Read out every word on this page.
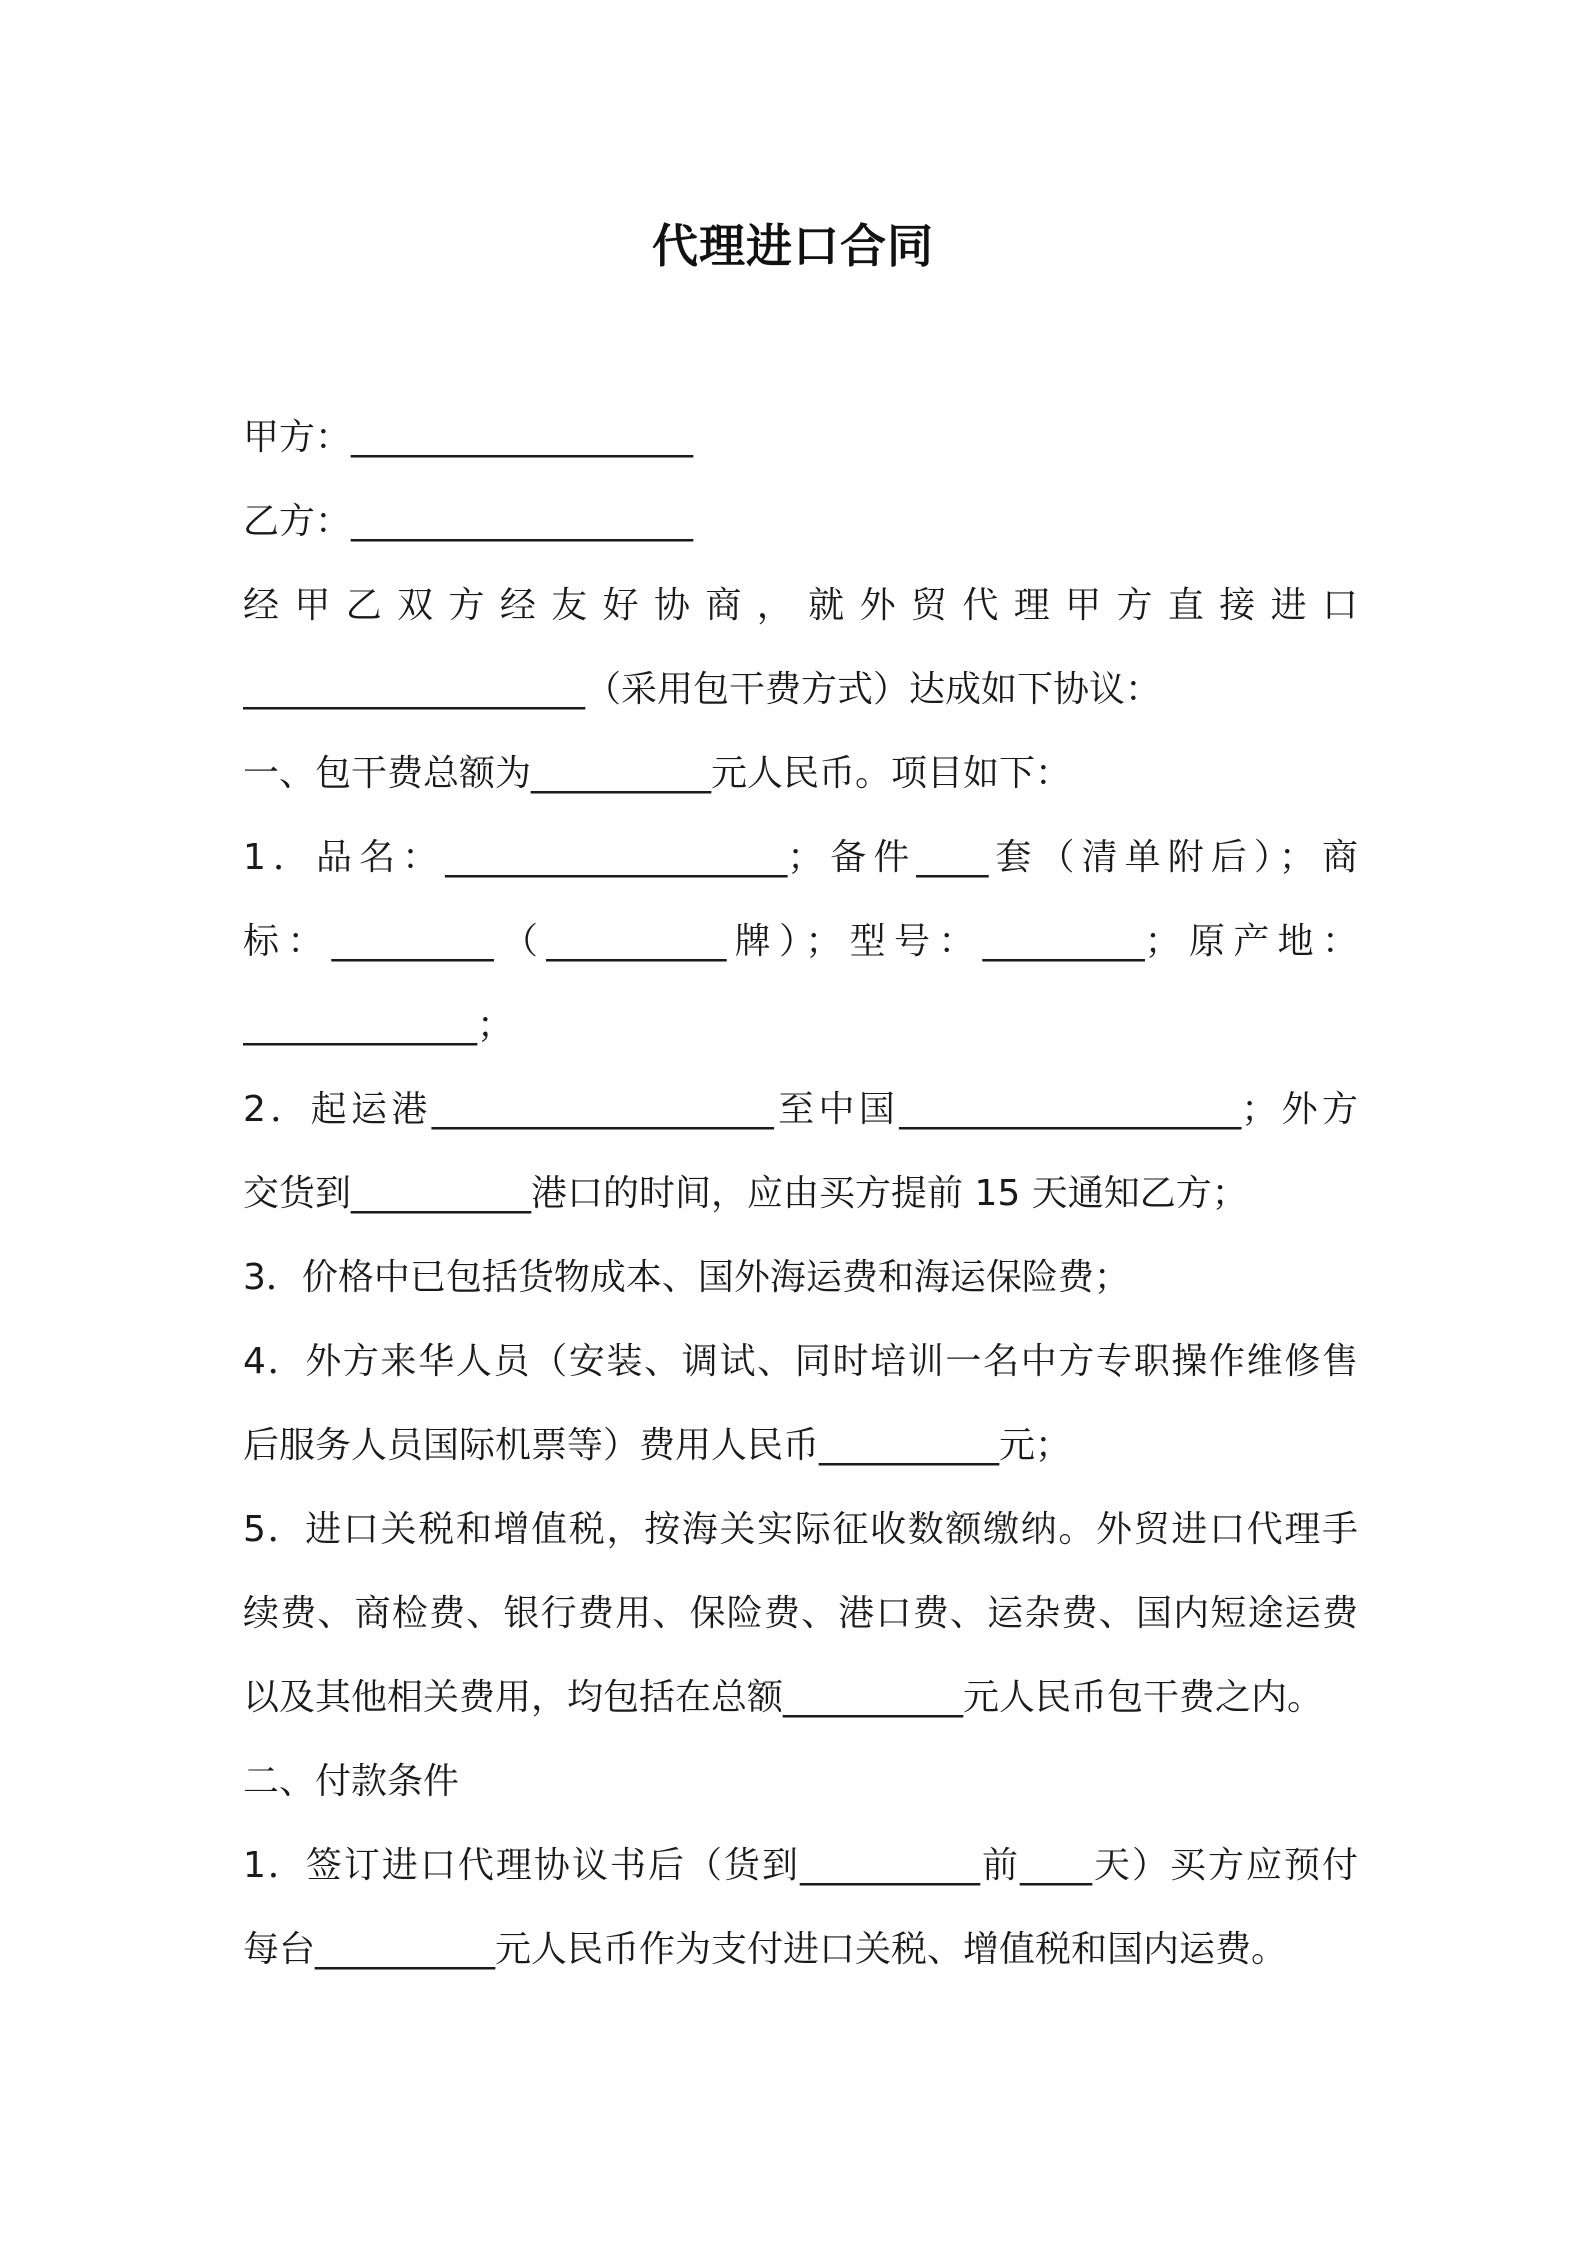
代理进口合同
甲方：___________________
乙方：___________________
经甲乙双方经友好协商，就外贸代理甲方直接进口
___________________（采用包干费方式）达成如下协议：
一、包干费总额为__________元人民币。项目如下：
1．品名：___________________；备件____套（清单附后）；商
标：_________（__________牌）；型号：_________；原产地：
_____________；
2．起运港___________________至中国___________________；外方
交货到__________港口的时间，应由买方提前 15 天通知乙方；
3．价格中已包括货物成本、国外海运费和海运保险费；
4．外方来华人员（安装、调试、同时培训一名中方专职操作维修售
后服务人员国际机票等）费用人民币__________元；
5．进口关税和增值税，按海关实际征收数额缴纳。外贸进口代理手
续费、商检费、银行费用、保险费、港口费、运杂费、国内短途运费
以及其他相关费用，均包括在总额__________元人民币包干费之内。
二、付款条件
1．签订进口代理协议书后（货到__________前____天）买方应预付
每台__________元人民币作为支付进口关税、增值税和国内运费。
